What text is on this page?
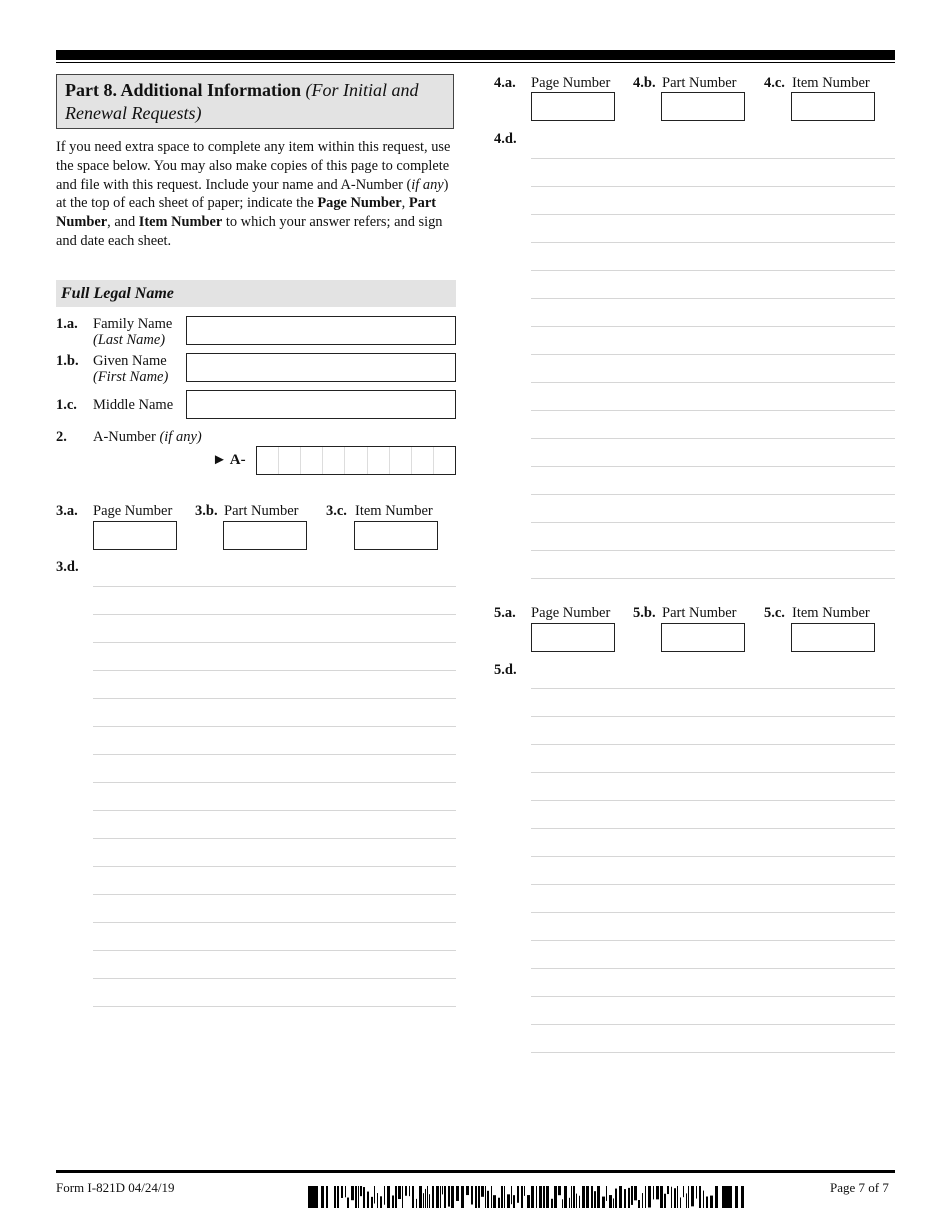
Part 8. Additional Information (For Initial and Renewal Requests)
If you need extra space to complete any item within this request, use the space below. You may also make copies of this page to complete and file with this request. Include your name and A-Number (if any) at the top of each sheet of paper; indicate the Page Number, Part Number, and Item Number to which your answer refers; and sign and date each sheet.
Full Legal Name
1.a. Family Name
(Last Name)
1.b. Given Name
(First Name)
1.c. Middle Name
2. A-Number (if any)
► A-
3.a. Page Number 3.b. Part Number 3.c. Item Number
3.d.
4.a. Page Number 4.b. Part Number 4.c. Item Number
4.d.
5.a. Page Number 5.b. Part Number 5.c. Item Number
5.d.
Form I-821D 04/24/19	Page 7 of 7
